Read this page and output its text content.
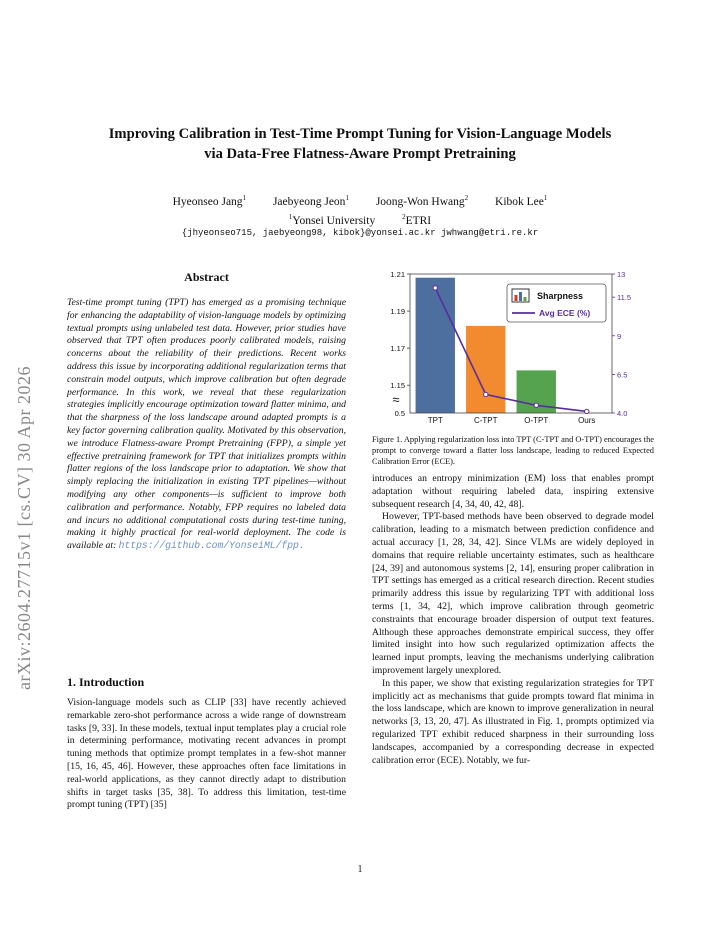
arXiv:2604.27715v1 [cs.CV] 30 Apr 2026
Improving Calibration in Test-Time Prompt Tuning for Vision-Language Models
via Data-Free Flatness-Aware Prompt Pretraining
Hyeonseo Jang$^1$ Jaebyeong Jeon$^1$ Joong-Won Hwang$^2$ Kibok Lee$^1$
$^1$Yonsei University	$^2$ETRI
{jhyeonseo715, jaebyeong98, kibok}@yonsei.ac.kr jwhwang@etri.re.kr
Abstract

Test-time prompt tuning (TPT) has emerged as a promising technique for enhancing the adaptability of vision-language models by optimizing textual prompts using unlabeled test data. However, prior studies have observed that TPT often produces poorly calibrated models, raising concerns about the reliability of their predictions. Recent works address this issue by incorporating additional regularization terms that constrain model outputs, which improve calibration but often degrade performance. In this work, we reveal that these regularization strategies implicitly encourage optimization toward flatter minima, and that the sharpness of the loss landscape around adapted prompts is a key factor governing calibration quality. Motivated by this observation, we introduce Flatness-aware Prompt Pretraining (FPP), a simple yet effective pretraining framework for TPT that initializes prompts within flatter regions of the loss landscape prior to adaptation. We show that simply replacing the initialization in existing TPT pipelines—without modifying any other components—is sufficient to improve both calibration and performance. Notably, FPP requires no labeled data and incurs no additional computational costs during test-time tuning, making it highly practical for real-world deployment. The code is available at: https://github.com/YonseiML/fpp.

1. Introduction

Vision-language models such as CLIP [33] have recently achieved remarkable zero-shot performance across a wide range of downstream tasks [9, 33]. In these models, textual input templates play a crucial role in determining performance, motivating recent advances in prompt tuning methods that optimize prompt templates in a few-shot manner [15, 16, 45, 46]. However, these approaches often face limitations in real-world applications, as they cannot directly adapt to distribution shifts in target tasks [35, 38]. To address this limitation, test-time prompt tuning (TPT) [35]

TPT	C-TPT	O-TPT	Ours
1.15
1.17
1.19
1.21
0.5
≈
4.0
6.5
9
11.5
13
Sharpness
Avg ECE (%)

Figure 1. Applying regularization loss into TPT (C-TPT and O-TPT) encourages the prompt to converge toward a flatter loss landscape, leading to reduced Expected Calibration Error (ECE).

introduces an entropy minimization (EM) loss that enables prompt adaptation without requiring labeled data, inspiring extensive subsequent research [4, 34, 40, 42, 48].

However, TPT-based methods have been observed to degrade model calibration, leading to a mismatch between prediction confidence and actual accuracy [1, 28, 34, 42]. Since VLMs are widely deployed in domains that require reliable uncertainty estimates, such as healthcare [24, 39] and autonomous systems [2, 14], ensuring proper calibration in TPT settings has emerged as a critical research direction. Recent studies primarily address this issue by regularizing TPT with additional loss terms [1, 34, 42], which improve calibration through geometric constraints that encourage broader dispersion of output text features. Although these approaches demonstrate empirical success, they offer limited insight into how such regularized optimization affects the learned input prompts, leaving the mechanisms underlying calibration improvement largely unexplored.

In this paper, we show that existing regularization strategies for TPT implicitly act as mechanisms that guide prompts toward flat minima in the loss landscape, which are known to improve generalization in neural networks [3, 13, 20, 47]. As illustrated in Fig. 1, prompts optimized via regularized TPT exhibit reduced sharpness in their surrounding loss landscapes, accompanied by a corresponding decrease in expected calibration error (ECE). Notably, we fur-

1
